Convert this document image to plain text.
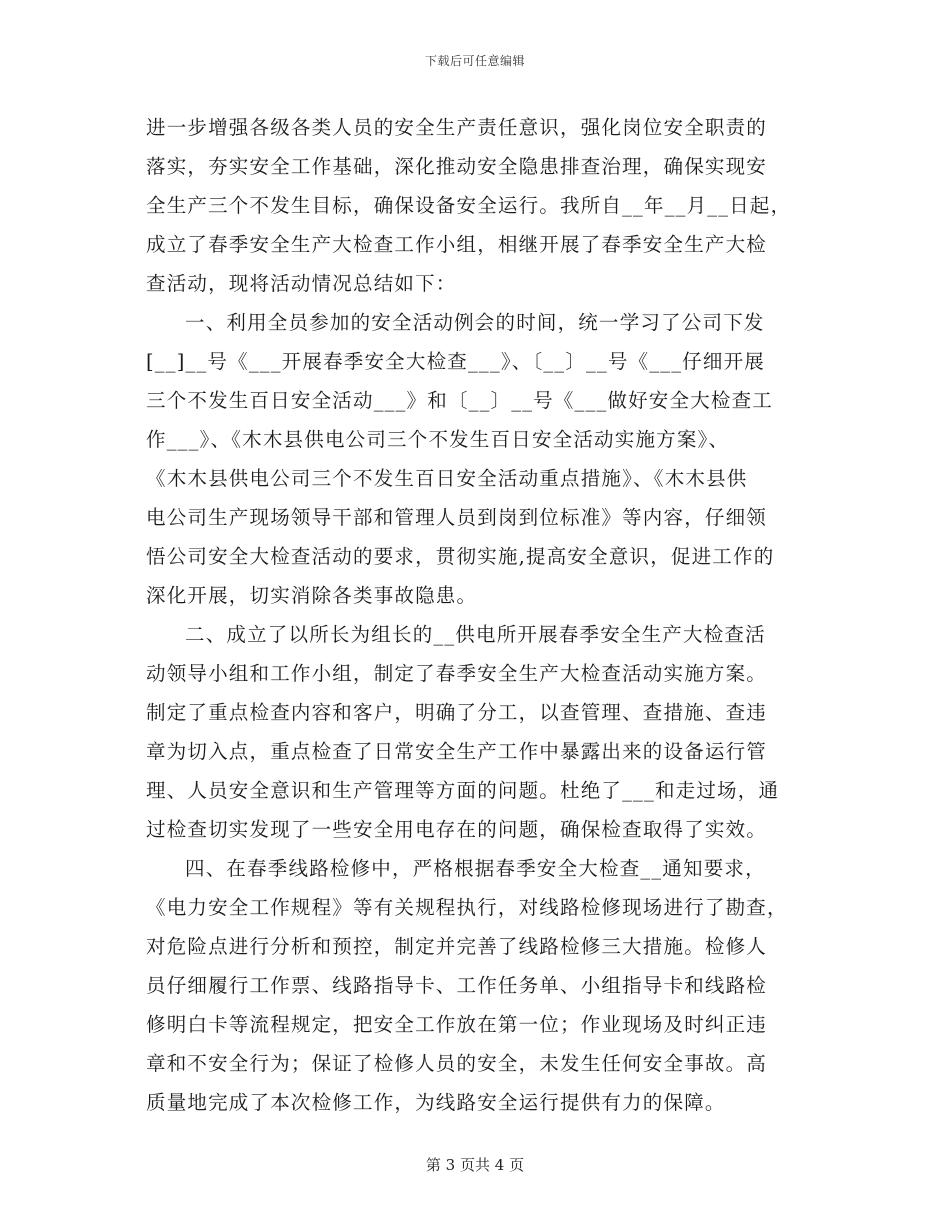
下载后可任意编辑
进一步增强各级各类人员的安全生产责任意识，强化岗位安全职责的
落实，夯实安全工作基础，深化推动安全隐患排查治理，确保实现安
全生产三个不发生目标，确保设备安全运行。我所自__年__月__日起，
成立了春季安全生产大检查工作小组，相继开展了春季安全生产大检
查活动，现将活动情况总结如下：
一、利用全员参加的安全活动例会的时间，统一学习了公司下发
[__]__号《___开展春季安全大检查___》、〔__〕__号《___仔细开展
三个不发生百日安全活动___》和〔__〕__号《___做好安全大检查工
作___》、《木木县供电公司三个不发生百日安全活动实施方案》、
《木木县供电公司三个不发生百日安全活动重点措施》、《木木县供
电公司生产现场领导干部和管理人员到岗到位标准》等内容，仔细领
悟公司安全大检查活动的要求，贯彻实施,提高安全意识，促进工作的
深化开展，切实消除各类事故隐患。
二、成立了以所长为组长的__供电所开展春季安全生产大检查活
动领导小组和工作小组，制定了春季安全生产大检查活动实施方案。
制定了重点检查内容和客户，明确了分工，以查管理、查措施、查违
章为切入点，重点检查了日常安全生产工作中暴露出来的设备运行管
理、人员安全意识和生产管理等方面的问题。杜绝了___和走过场，通
过检查切实发现了一些安全用电存在的问题，确保检查取得了实效。
四、在春季线路检修中，严格根据春季安全大检查__通知要求，
《电力安全工作规程》等有关规程执行，对线路检修现场进行了勘查，
对危险点进行分析和预控，制定并完善了线路检修三大措施。检修人
员仔细履行工作票、线路指导卡、工作任务单、小组指导卡和线路检
修明白卡等流程规定，把安全工作放在第一位；作业现场及时纠正违
章和不安全行为；保证了检修人员的安全，未发生任何安全事故。高
质量地完成了本次检修工作，为线路安全运行提供有力的保障。
第 3 页共 4 页
